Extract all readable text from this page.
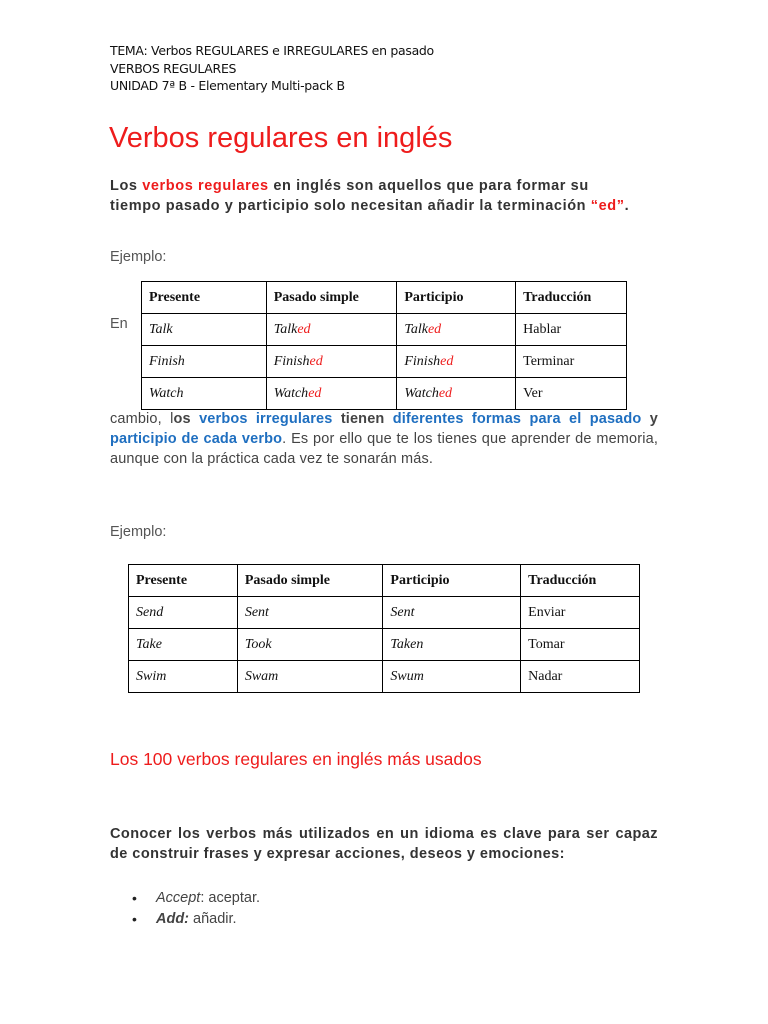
TEMA: Verbos REGULARES e IRREGULARES en pasado
VERBOS REGULARES
UNIDAD 7ª B - Elementary Multi-pack B
Verbos regulares en inglés
Los verbos regulares en inglés son aquellos que para formar su tiempo pasado y participio solo necesitan añadir la terminación “ed”.
Ejemplo:
En
Presente	Pasado simple	Participio	Traducción
Talk	Talked	Talked	Hablar
Finish	Finished	Finished	Terminar
Watch	Watched	Watched	Ver
cambio, los verbos irregulares tienen diferentes formas para el pasado y participio de cada verbo. Es por ello que te los tienes que aprender de memoria, aunque con la práctica cada vez te sonarán más.
Ejemplo:
Presente	Pasado simple	Participio	Traducción
Send	Sent	Sent	Enviar
Take	Took	Taken	Tomar
Swim	Swam	Swum	Nadar
Los 100 verbos regulares en inglés más usados
Conocer los verbos más utilizados en un idioma es clave para ser capaz de construir frases y expresar acciones, deseos y emociones:
• Accept: aceptar.
• Add: añadir.
